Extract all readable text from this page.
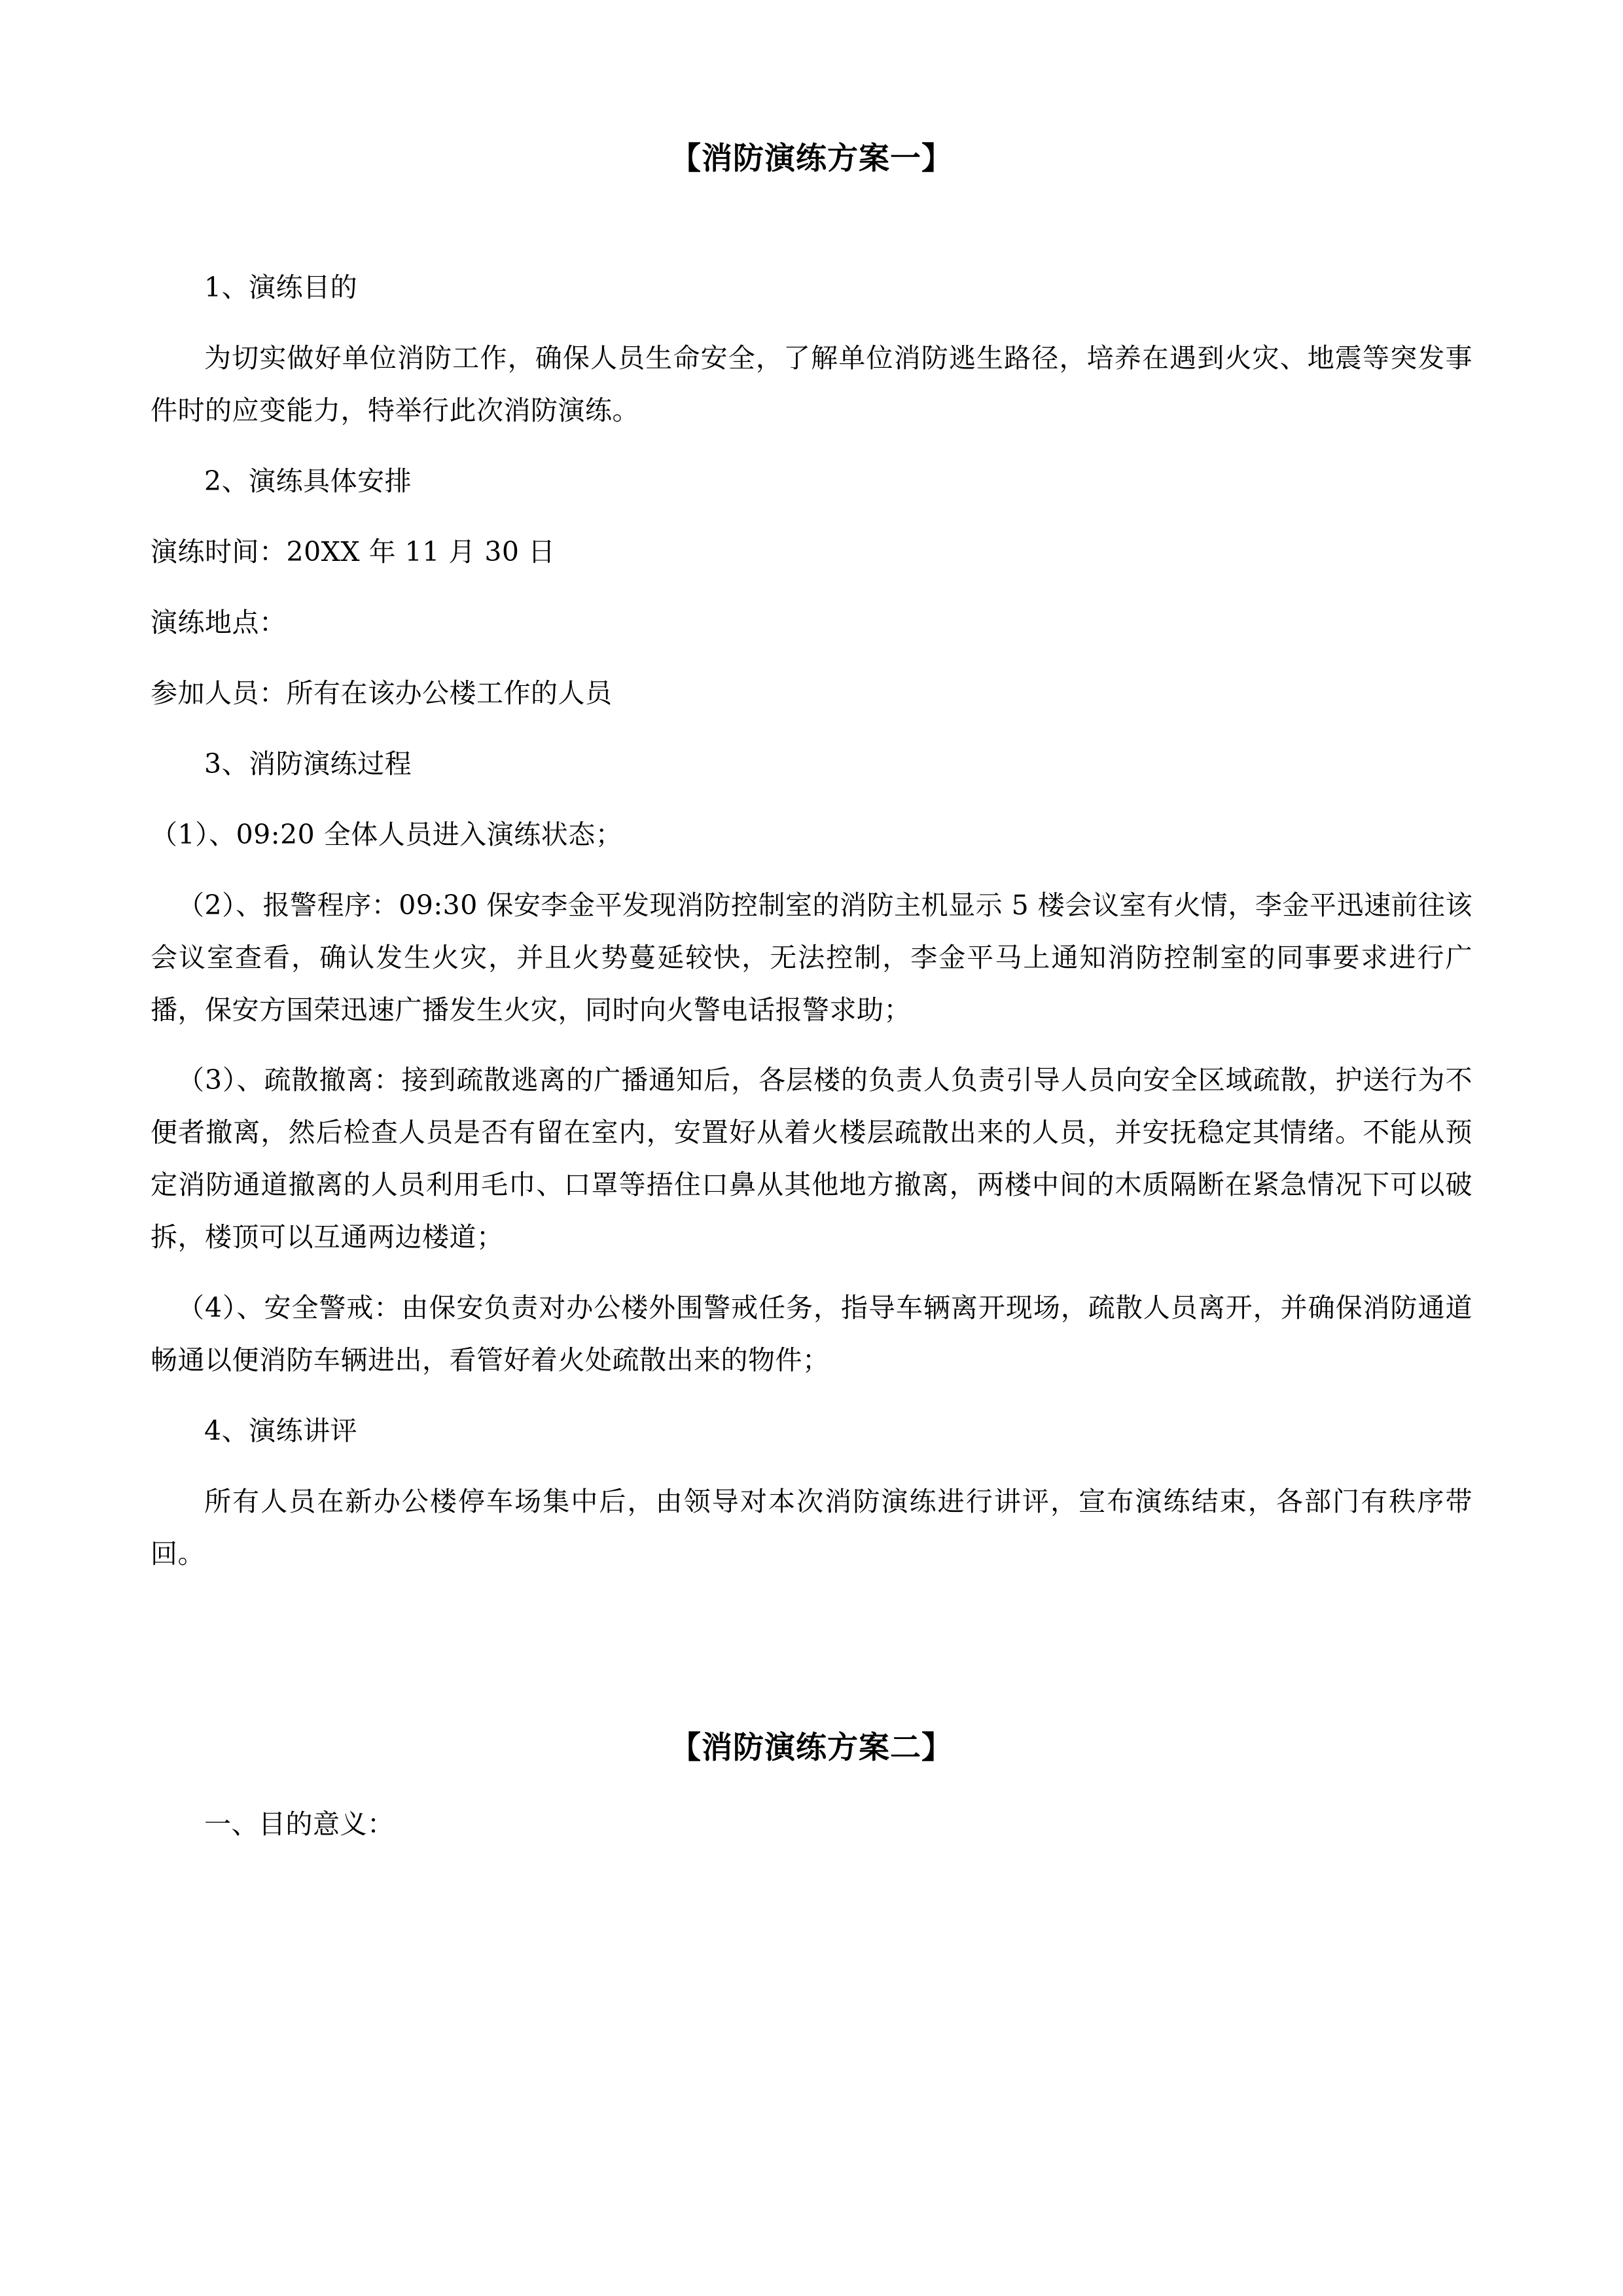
【消防演练方案一】

1、演练目的

为切实做好单位消防工作，确保人员生命安全，了解单位消防逃生路径，培养在遇到火灾、地震等突发事件时的应变能力，特举行此次消防演练。

2、演练具体安排

演练时间：20XX 年 11 月 30 日

演练地点：

参加人员：所有在该办公楼工作的人员

3、消防演练过程

（1）、09:20 全体人员进入演练状态；

（2）、报警程序：09:30 保安李金平发现消防控制室的消防主机显示 5 楼会议室有火情，李金平迅速前往该会议室查看，确认发生火灾，并且火势蔓延较快，无法控制，李金平马上通知消防控制室的同事要求进行广播，保安方国荣迅速广播发生火灾，同时向火警电话报警求助；

（3）、疏散撤离：接到疏散逃离的广播通知后，各层楼的负责人负责引导人员向安全区域疏散，护送行为不便者撤离，然后检查人员是否有留在室内，安置好从着火楼层疏散出来的人员，并安抚稳定其情绪。不能从预定消防通道撤离的人员利用毛巾、口罩等捂住口鼻从其他地方撤离，两楼中间的木质隔断在紧急情况下可以破拆，楼顶可以互通两边楼道；

（4）、安全警戒：由保安负责对办公楼外围警戒任务，指导车辆离开现场，疏散人员离开，并确保消防通道畅通以便消防车辆进出，看管好着火处疏散出来的物件；

4、演练讲评

所有人员在新办公楼停车场集中后，由领导对本次消防演练进行讲评，宣布演练结束，各部门有秩序带回。

【消防演练方案二】

一、目的意义：
